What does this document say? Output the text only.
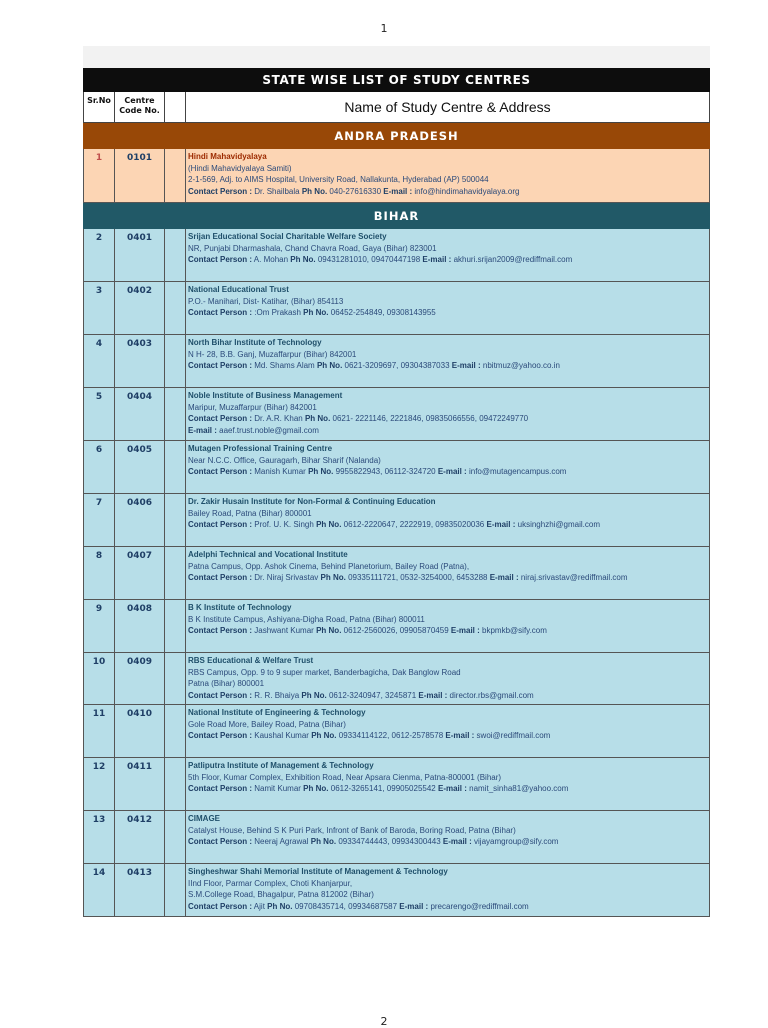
1
STATE WISE LIST OF STUDY CENTRES
Sr.No	Centre Code No.	Name of Study Centre & Address
ANDRA PRADESH
1	0101	Hindi Mahavidyalaya
(Hindi Mahavidyalaya Samiti)
2-1-569, Adj. to AIMS Hospital, University Road, Nallakunta, Hyderabad (AP) 500044
Contact Person : Dr. Shailbala Ph No. 040-27616330 E-mail : info@hindimahavidyalaya.org
BIHAR
2	0401	Srijan Educational Social Charitable Welfare Society
NR, Punjabi Dharmashala, Chand Chavra Road, Gaya (Bihar) 823001
Contact Person : A. Mohan Ph No. 09431281010, 09470447198 E-mail : akhuri.srijan2009@rediffmail.com
3	0402	National Educational Trust
P.O.- Manihari, Dist- Katihar, (Bihar) 854113
Contact Person : :Om Prakash Ph No. 06452-254849, 09308143955
4	0403	North Bihar Institute of Technology
N H- 28, B.B. Ganj, Muzaffarpur (Bihar) 842001
Contact Person : Md. Shams Alam Ph No. 0621-3209697, 09304387033 E-mail : nbitmuz@yahoo.co.in
5	0404	Noble Institute of Business Management
Maripur, Muzaffarpur (Bihar) 842001
Contact Person : Dr. A.R. Khan Ph No. 0621- 2221146, 2221846, 09835066556, 09472249770
E-mail : aaef.trust.noble@gmail.com
6	0405	Mutagen Professional Training Centre
Near N.C.C. Office, Gauragarh, Bihar Sharif (Nalanda)
Contact Person : Manish Kumar Ph No. 9955822943, 06112-324720 E-mail : info@mutagencampus.com
7	0406	Dr. Zakir Husain Institute for Non-Formal & Continuing Education
Bailey Road, Patna (Bihar) 800001
Contact Person : Prof. U. K. Singh Ph No. 0612-2220647, 2222919, 09835020036 E-mail : uksinghzhi@gmail.com
8	0407	Adelphi Technical and Vocational Institute
Patna Campus, Opp. Ashok Cinema, Behind Planetorium, Bailey Road (Patna),
Contact Person : Dr. Niraj Srivastav Ph No. 09335111721, 0532-3254000, 6453288 E-mail : niraj.srivastav@rediffmail.com
9	0408	B K Institute of Technology
B K Institute Campus, Ashiyana-Digha Road, Patna (Bihar) 800011
Contact Person : Jashwant Kumar Ph No. 0612-2560026, 09905870459 E-mail : bkpmkb@sify.com
10	0409	RBS Educational & Welfare Trust
RBS Campus, Opp. 9 to 9 super market, Banderbagicha, Dak Banglow Road
Patna (Bihar) 800001
Contact Person : R. R. Bhaiya Ph No. 0612-3240947, 3245871 E-mail : director.rbs@gmail.com
11	0410	National Institute of Engineering & Technology
Gole Road More, Bailey Road, Patna (Bihar)
Contact Person : Kaushal Kumar Ph No. 09334114122, 0612-2578578 E-mail : swoi@rediffmail.com
12	0411	Patliputra Institute of Management & Technology
5th Floor, Kumar Complex, Exhibition Road, Near Apsara Cienma, Patna-800001 (Bihar)
Contact Person : Namit Kumar Ph No. 0612-3265141, 09905025542 E-mail : namit_sinha81@yahoo.com
13	0412	CIMAGE
Catalyst House, Behind S K Puri Park, Infront of Bank of Baroda, Boring Road, Patna (Bihar)
Contact Person : Neeraj Agrawal Ph No. 09334744443, 09934300443 E-mail : vijayamgroup@sify.com
14	0413	Singheshwar Shahi Memorial Institute of Management & Technology
IInd Floor, Parmar Complex, Choti Khanjarpur,
S.M.College Road, Bhagalpur, Patna 812002 (Bihar)
Contact Person : Ajit Ph No. 09708435714, 09934687587 E-mail : precarengo@rediffmail.com
2
